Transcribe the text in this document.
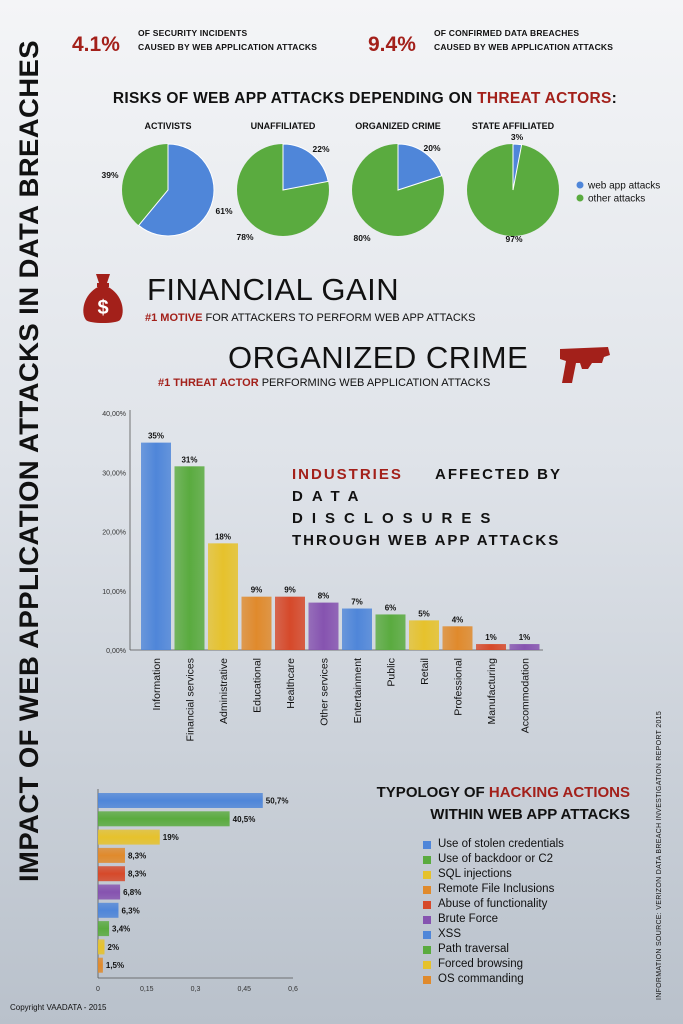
IMPACT OF WEB APPLICATION ATTACKS IN DATA BREACHES
4.1% OF SECURITY INCIDENTS
CAUSED BY WEB APPLICATION ATTACKS 9.4% OF CONFIRMED DATA BREACHES
CAUSED BY WEB APPLICATION ATTACKS
RISKS OF WEB APP ATTACKS DEPENDING ON THREAT ACTORS:
ACTIVISTS
61%
39%
UNAFFILIATED
22%
78%
ORGANIZED CRIME
20%
80%
STATE AFFILIATED
3%
97%
web app attacks
other attacks
$
FINANCIAL GAIN
#1 MOTIVE FOR ATTACKERS TO PERFORM WEB APP ATTACKS
ORGANIZED CRIME
#1 THREAT ACTOR PERFORMING WEB APPLICATION ATTACKS
0,00%
10,00%
20,00%
30,00%
40,00%
35%
Information
31%
Financial services
18%
Administrative
9%
Educational
9%
Healthcare
8%
Other services
7%
Entertainment
6%
Public
5%
Retail
4%
Professional
1%
Manufacturing
1%
Accommodation
INDUSTRIES AFFECTED BY
DATA DISCLOSURES
THROUGH WEB APP ATTACKS
0	0,15	0,3	0,45	0,6
50,7%
40,5%
19%
8,3%
8,3%
6,8%
6,3%
3,4%
2%
1,5%
TYPOLOGY OF HACKING ACTIONS
WITHIN WEB APP ATTACKS
Use of stolen credentials
Use of backdoor or C2
SQL injections
Remote File Inclusions
Abuse of functionality
Brute Force
XSS
Path traversal
Forced browsing
OS commanding
Copyright VAADATA - 2015
INFORMATION SOURCE: VERIZON DATA BREACH INVESTIGATION REPORT 2015
